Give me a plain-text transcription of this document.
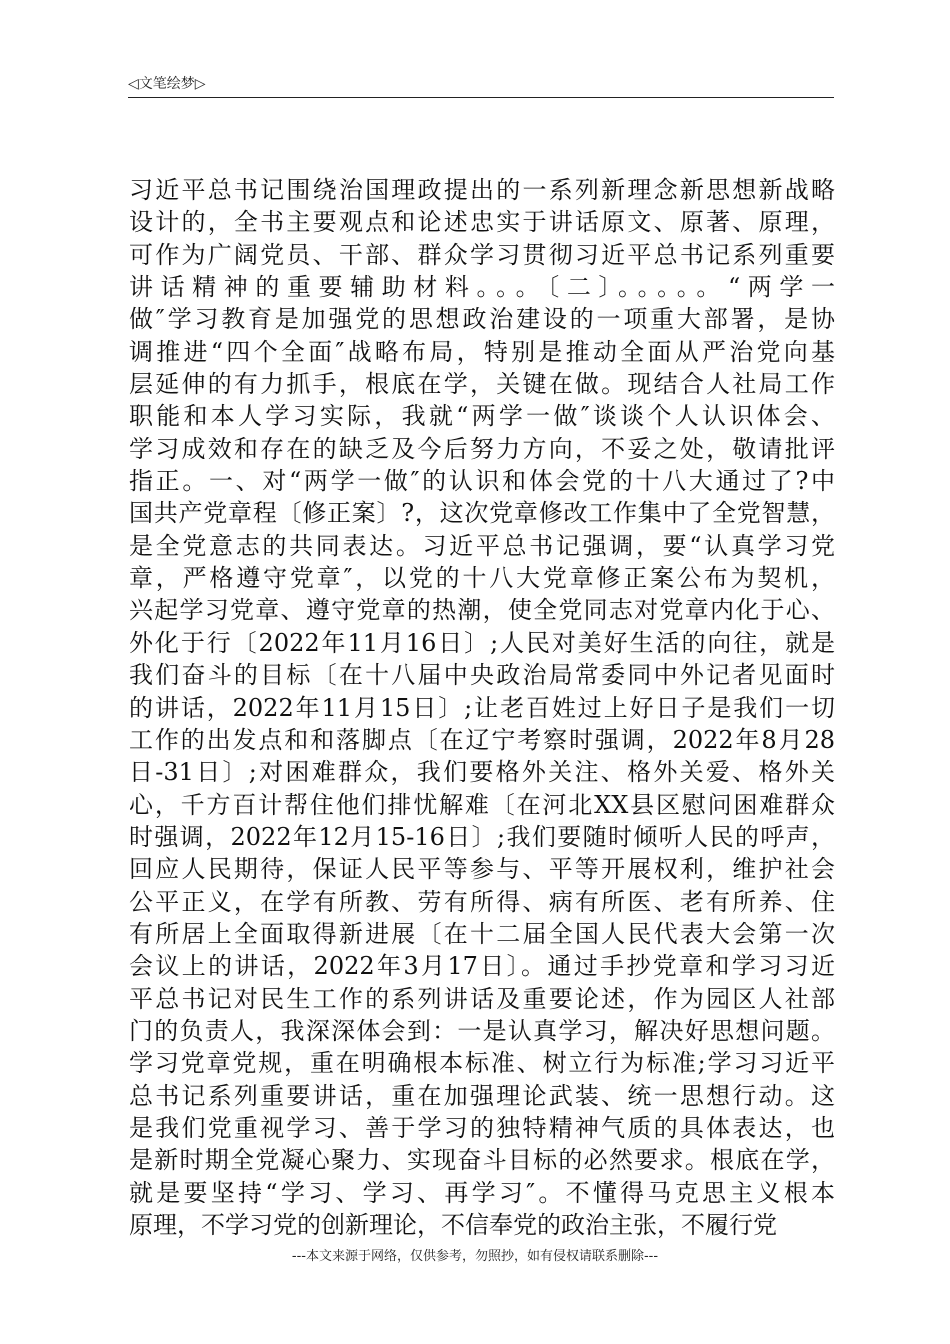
◁文笔绘梦▷
习近平总书记围绕治国理政提出的一系列新理念新思想新战略
设计的，全书主要观点和论述忠实于讲话原文、原著、原理，
可作为广阔党员、干部、群众学习贯彻习近平总书记系列重要
讲话精神的重要辅助材料。。。〔二〕。。。。。“两学一
做″学习教育是加强党的思想政治建设的一项重大部署，是协
调推进“四个全面″战略布局，特别是推动全面从严治党向基
层延伸的有力抓手，根底在学，关键在做。现结合人社局工作
职能和本人学习实际，我就“两学一做″谈谈个人认识体会、
学习成效和存在的缺乏及今后努力方向，不妥之处，敬请批评
指正。一、对“两学一做″的认识和体会党的十八大通过了?中
国共产党章程〔修正案〕?，这次党章修改工作集中了全党智慧，
是全党意志的共同表达。习近平总书记强调，要“认真学习党
章，严格遵守党章″，以党的十八大党章修正案公布为契机，
兴起学习党章、遵守党章的热潮，使全党同志对党章内化于心、
外化于行〔2022年11月16日〕;人民对美好生活的向往，就是
我们奋斗的目标〔在十八届中央政治局常委同中外记者见面时
的讲话，2022年11月15日〕;让老百姓过上好日子是我们一切
工作的出发点和和落脚点〔在辽宁考察时强调，2022年8月28
日-31日〕;对困难群众，我们要格外关注、格外关爱、格外关
心，千方百计帮住他们排忧解难〔在河北XX县区慰问困难群众
时强调，2022年12月15-16日〕;我们要随时倾听人民的呼声，
回应人民期待，保证人民平等参与、平等开展权利，维护社会
公平正义，在学有所教、劳有所得、病有所医、老有所养、住
有所居上全面取得新进展〔在十二届全国人民代表大会第一次
会议上的讲话，2022年3月17日〕。通过手抄党章和学习习近
平总书记对民生工作的系列讲话及重要论述，作为园区人社部
门的负责人，我深深体会到：一是认真学习，解决好思想问题。
学习党章党规，重在明确根本标准、树立行为标准;学习习近平
总书记系列重要讲话，重在加强理论武装、统一思想行动。这
是我们党重视学习、善于学习的独特精神气质的具体表达，也
是新时期全党凝心聚力、实现奋斗目标的必然要求。根底在学，
就是要坚持“学习、学习、再学习″。不懂得马克思主义根本
原理，不学习党的创新理论，不信奉党的政治主张，不履行党
---本文来源于网络，仅供参考，勿照抄，如有侵权请联系删除---
